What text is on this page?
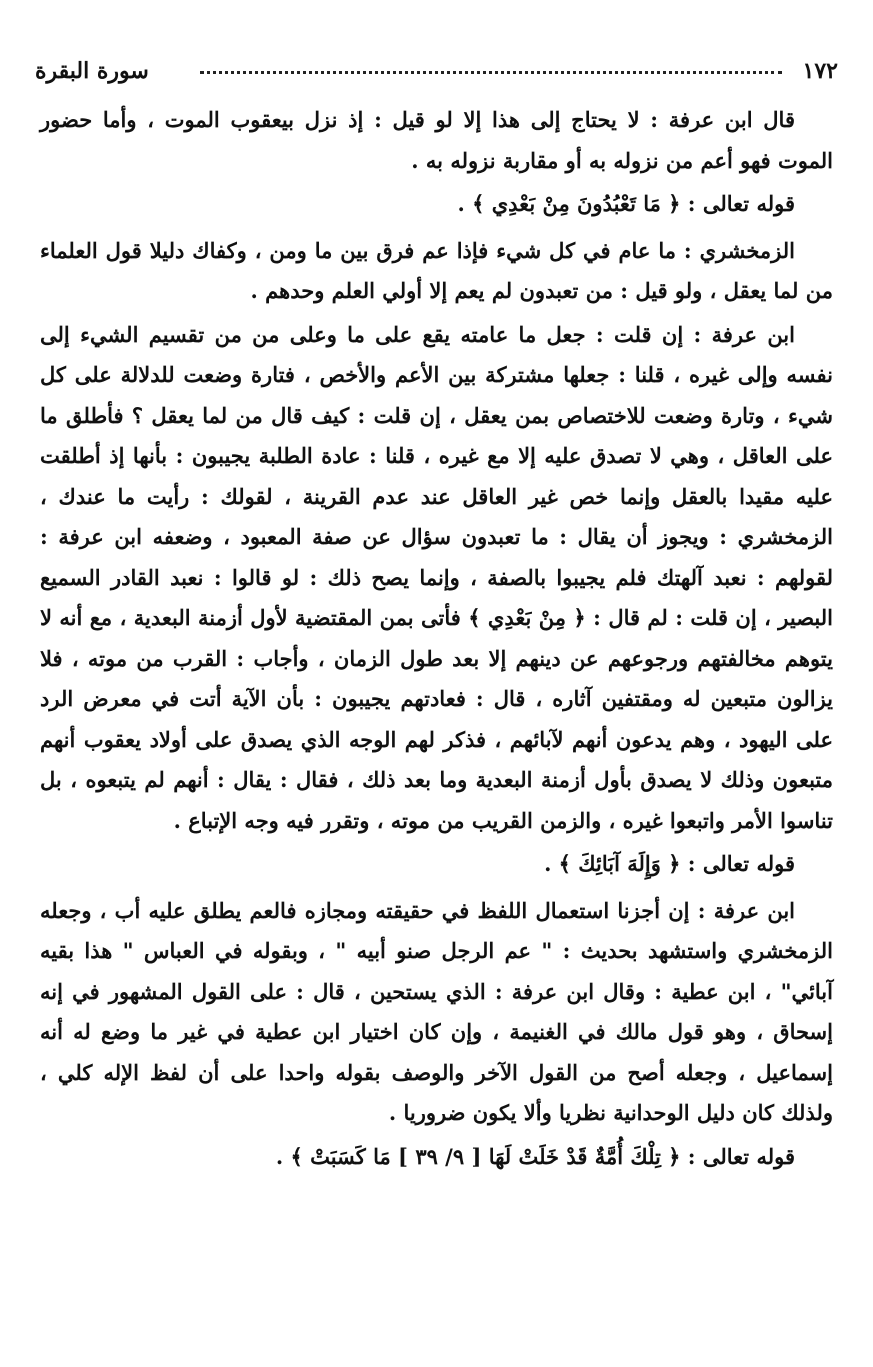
١٧٢
سورة البقرة

قال ابن عرفة : لا يحتاج إلى هذا إلا لو قيل : إذ نزل بيعقوب الموت ، وأما حضور الموت فهو أعم من نزوله به أو مقاربة نزوله به .

قوله تعالى : ﴿ مَا تَعْبُدُونَ مِنْ بَعْدِي ﴾ .

الزمخشري : ما عام في كل شيء فإذا عم فرق بين ما ومن ، وكفاك دليلا قول العلماء من لما يعقل ، ولو قيل : من تعبدون لم يعم إلا أولي العلم وحدهم .

ابن عرفة : إن قلت : جعل ما عامته يقع على ما وعلى من من تقسيم الشيء إلى نفسه وإلى غيره ، قلنا : جعلها مشتركة بين الأعم والأخص ، فتارة وضعت للدلالة على كل شيء ، وتارة وضعت للاختصاص بمن يعقل ، إن قلت : كيف قال من لما يعقل ؟ فأطلق ما على العاقل ، وهي لا تصدق عليه إلا مع غيره ، قلنا : عادة الطلبة يجيبون : بأنها إذ أطلقت عليه مقيدا بالعقل وإنما خص غير العاقل عند عدم القرينة ، لقولك : رأيت ما عندك ، الزمخشري : ويجوز أن يقال : ما تعبدون سؤال عن صفة المعبود ، وضعفه ابن عرفة : لقولهم : نعبد آلهتك فلم يجيبوا بالصفة ، وإنما يصح ذلك : لو قالوا : نعبد القادر السميع البصير ، إن قلت : لم قال : ﴿ مِنْ بَعْدِي ﴾ فأتى بمن المقتضية لأول أزمنة البعدية ، مع أنه لا يتوهم مخالفتهم ورجوعهم عن دينهم إلا بعد طول الزمان ، وأجاب : القرب من موته ، فلا يزالون متبعين له ومقتفين آثاره ، قال : فعادتهم يجيبون : بأن الآية أتت في معرض الرد على اليهود ، وهم يدعون أنهم لآبائهم ، فذكر لهم الوجه الذي يصدق على أولاد يعقوب أنهم متبعون وذلك لا يصدق بأول أزمنة البعدية وما بعد ذلك ، فقال : يقال : أنهم لم يتبعوه ، بل تناسوا الأمر واتبعوا غيره ، والزمن القريب من موته ، وتقرر فيه وجه الإتباع .

قوله تعالى : ﴿ وَإِلَهَ آبَائِكَ ﴾ .

ابن عرفة : إن أجزنا استعمال اللفظ في حقيقته ومجازه فالعم يطلق عليه أب ، وجعله الزمخشري واستشهد بحديث : " عم الرجل صنو أبيه " ، وبقوله في العباس " هذا بقيه آبائي" ، ابن عطية : وقال ابن عرفة : الذي يستحين ، قال : على القول المشهور في إنه إسحاق ، وهو قول مالك في الغنيمة ، وإن كان اختيار ابن عطية في غير ما وضع له أنه إسماعيل ، وجعله أصح من القول الآخر والوصف بقوله واحدا على أن لفظ الإله كلي ، ولذلك كان دليل الوحدانية نظريا وألا يكون ضروريا .

قوله تعالى : ﴿ تِلْكَ أُمَّةٌ قَدْ خَلَتْ لَهَا [ ٩/ ٣٩ ] مَا كَسَبَتْ ﴾ .
